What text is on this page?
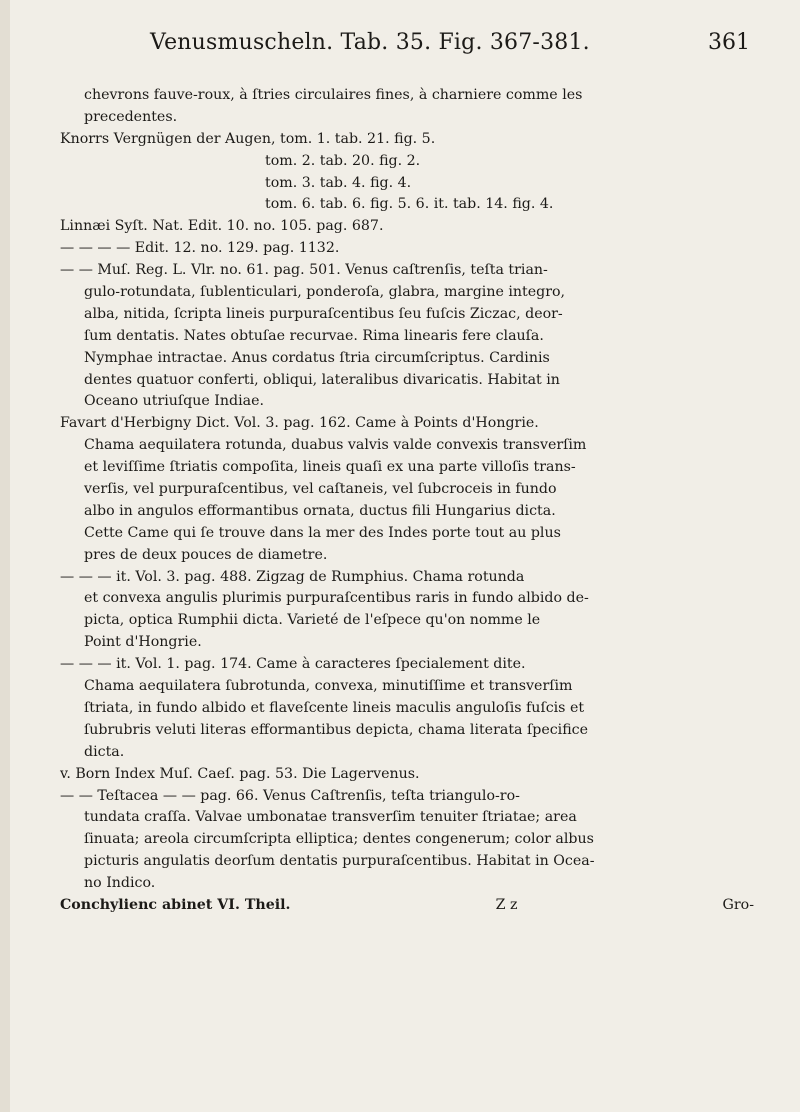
Venusmuscheln. Tab. 35. Fig. 367-381.	361
chevrons fauve-roux, à ſtries circulaires fines, à charniere comme les
precedentes.
Knorrs Vergnügen der Augen, tom. 1. tab. 21. fig. 5.
tom. 2. tab. 20. fig. 2.
tom. 3. tab. 4. fig. 4.
tom. 6. tab. 6. fig. 5. 6. it. tab. 14. fig. 4.
Linnæi Syſt. Nat. Edit. 10. no. 105. pag. 687.
— — — — Edit. 12. no. 129. pag. 1132.
— — Muſ. Reg. L. Vlr. no. 61. pag. 501. Venus caſtrenſis, teſta trian-
gulo-rotundata, ſublenticulari, ponderoſa, glabra, margine integro,
alba, nitida, ſcripta lineis purpuraſcentibus ſeu fuſcis Ziczac, deor-
ſum dentatis. Nates obtuſae recurvae. Rima linearis fere clauſa.
Nymphae intractae. Anus cordatus ſtria circumſcriptus. Cardinis
dentes quatuor conferti, obliqui, lateralibus divaricatis. Habitat in
Oceano utriuſque Indiae.
Favart d'Herbigny Dict. Vol. 3. pag. 162. Came à Points d'Hongrie.
Chama aequilatera rotunda, duabus valvis valde convexis transverſim
et leviſſime ſtriatis compoſita, lineis quaſi ex una parte villoſis trans-
verſis, vel purpuraſcentibus, vel caſtaneis, vel ſubcroceis in fundo
albo in angulos efformantibus ornata, ductus fili Hungarius dicta.
Cette Came qui ſe trouve dans la mer des Indes porte tout au plus
pres de deux pouces de diametre.
— — — it. Vol. 3. pag. 488. Zigzag de Rumphius. Chama rotunda
et convexa angulis plurimis purpuraſcentibus raris in fundo albido de-
picta, optica Rumphii dicta. Varieté de l'eſpece qu'on nomme le
Point d'Hongrie.
— — — it. Vol. 1. pag. 174. Came à caracteres ſpecialement dite.
Chama aequilatera ſubrotunda, convexa, minutiſſime et transverſim
ſtriata, in fundo albido et flaveſcente lineis maculis anguloſis fuſcis et
ſubrubris veluti literas efformantibus depicta, chama literata ſpecifice
dicta.
v. Born Index Muſ. Caeſ. pag. 53. Die Lagervenus.
— — Teſtacea — — pag. 66. Venus Caſtrenſis, teſta triangulo-ro-
tundata craſſa. Valvae umbonatae transverſim tenuiter ſtriatae; area
ſinuata; areola circumſcripta elliptica; dentes congenerum; color albus
picturis angulatis deorſum dentatis purpuraſcentibus. Habitat in Ocea-
no Indico.
Conchylienc abinet VI. Theil.	Z z	Gro-
